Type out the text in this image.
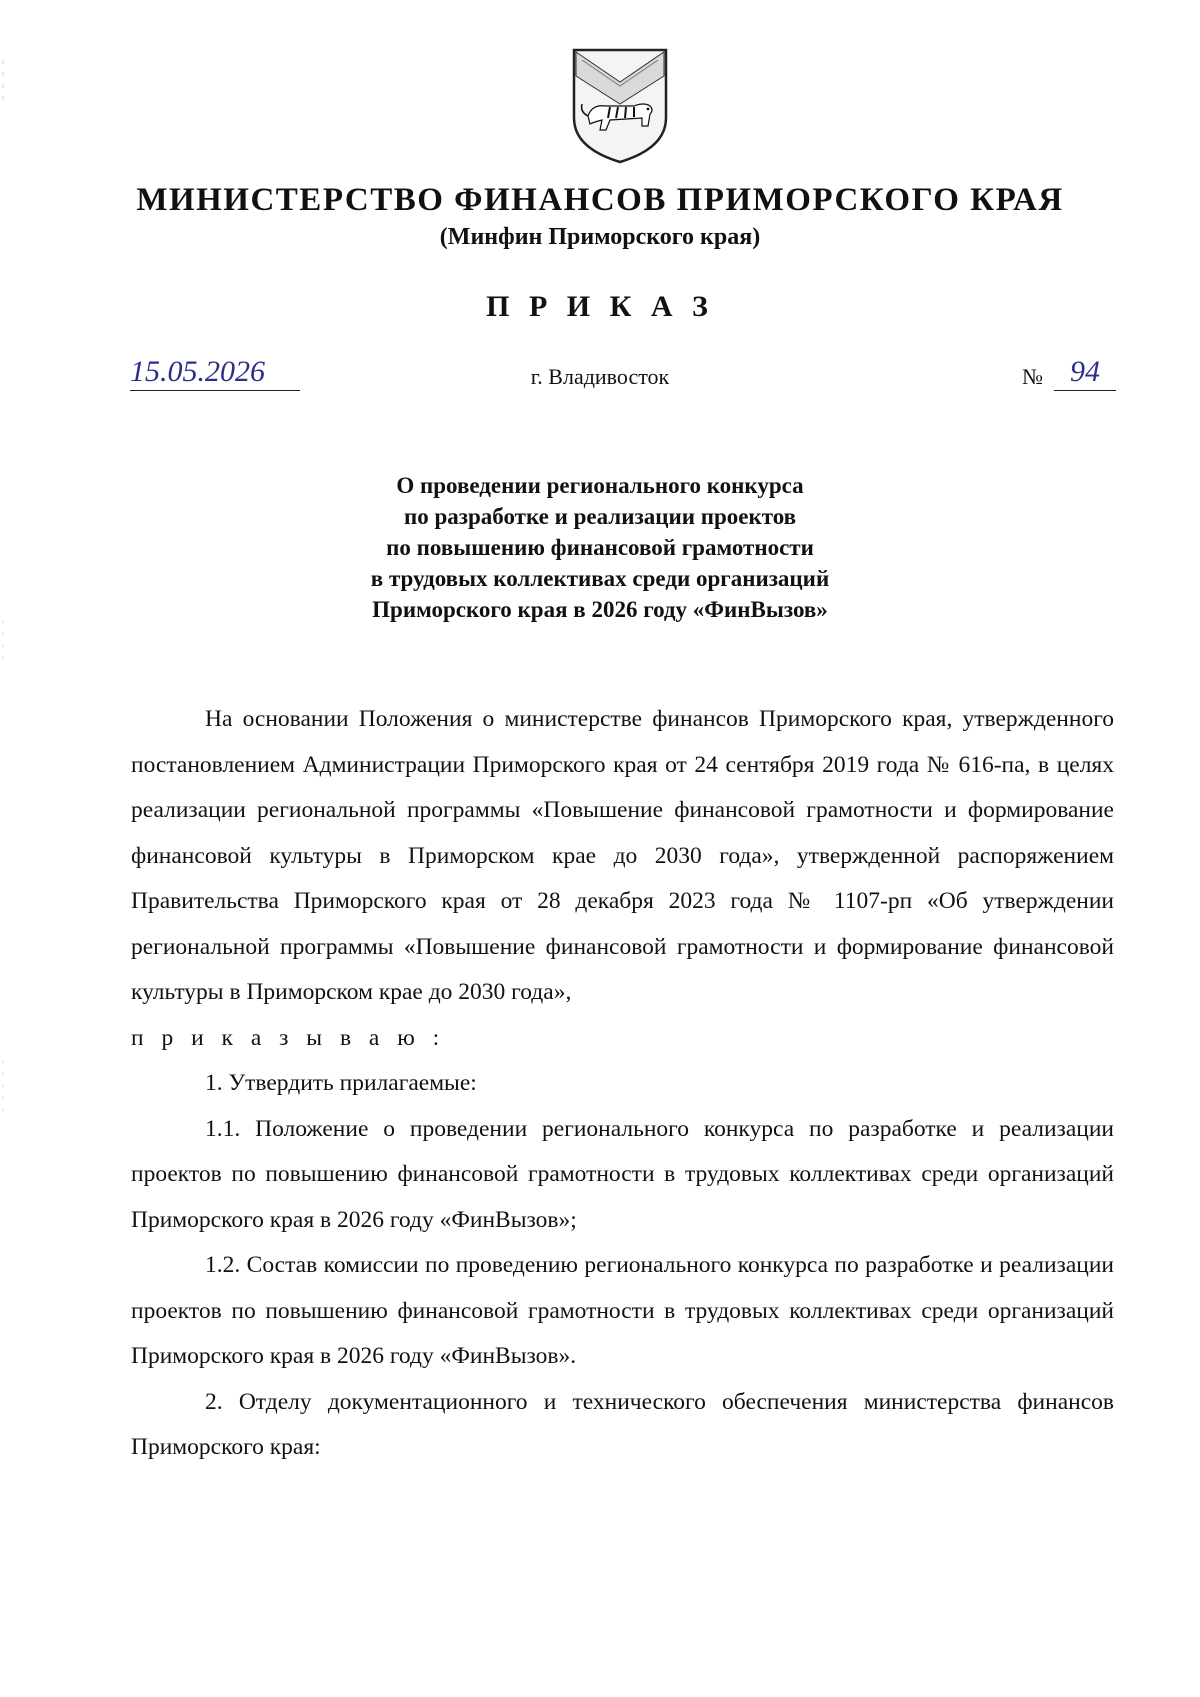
МИНИСТЕРСТВО ФИНАНСОВ ПРИМОРСКОГО КРАЯ
(Минфин Приморского края)
П Р И К А З
15.05.2026	г. Владивосток	№ 94
О проведении регионального конкурса
по разработке и реализации проектов
по повышению финансовой грамотности
в трудовых коллективах среди организаций
Приморского края в 2026 году «ФинВызов»

На основании Положения о министерстве финансов Приморского края, утвержденного постановлением Администрации Приморского края от 24 сентября 2019 года № 616-па, в целях реализации региональной программы «Повышение финансовой грамотности и формирование финансовой культуры в Приморском крае до 2030 года», утвержденной распоряжением Правительства Приморского края от 28 декабря 2023 года № 1107-рп «Об утверждении региональной программы «Повышение финансовой грамотности и формирование финансовой культуры в Приморском крае до 2030 года»,

п р и к а з ы в а ю :

1. Утвердить прилагаемые:

1.1. Положение о проведении регионального конкурса по разработке и реализации проектов по повышению финансовой грамотности в трудовых коллективах среди организаций Приморского края в 2026 году «ФинВызов»;

1.2. Состав комиссии по проведению регионального конкурса по разработке и реализации проектов по повышению финансовой грамотности в трудовых коллективах среди организаций Приморского края в 2026 году «ФинВызов».

2. Отделу документационного и технического обеспечения министерства финансов Приморского края:
